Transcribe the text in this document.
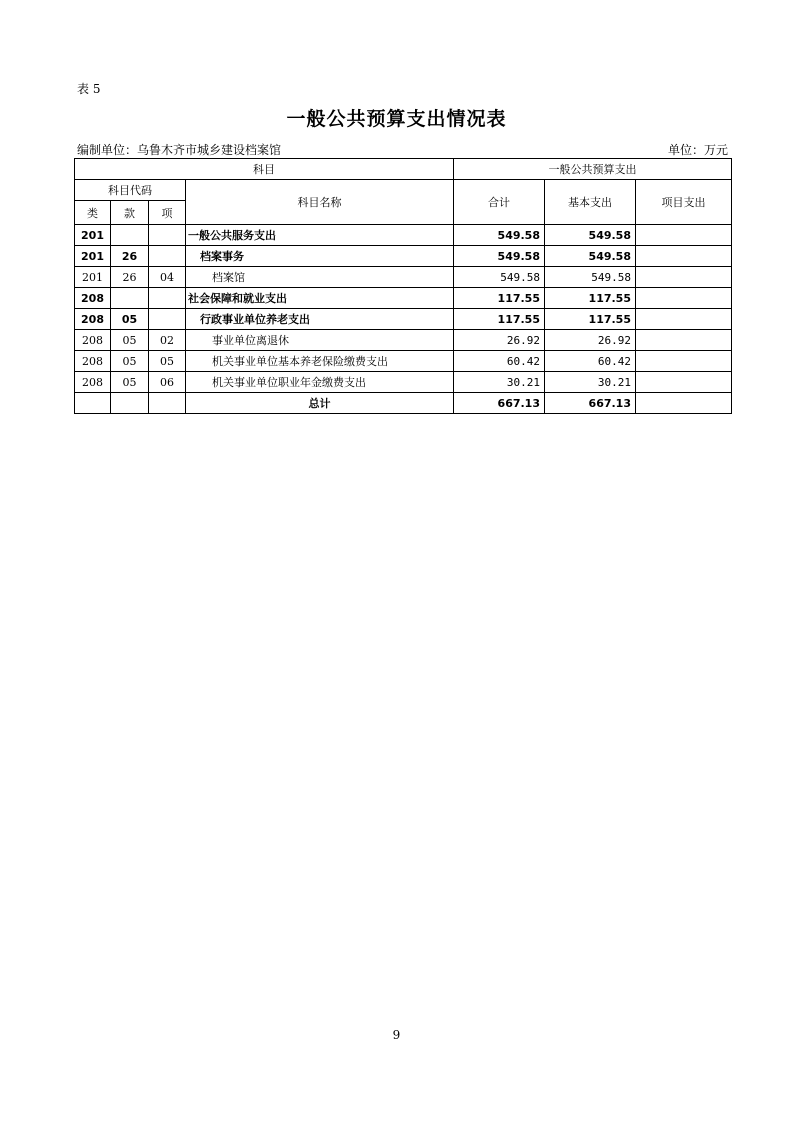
表 5
一般公共预算支出情况表
编制单位：乌鲁木齐市城乡建设档案馆	单位：万元
科目				一般公共预算支出		
科目代码			科目名称	合计	基本支出	项目支出
类	款	项				
201			一般公共服务支出	549.58	549.58	
201	26		档案事务	549.58	549.58	
201	26	04	档案馆	549.58	549.58	
208			社会保障和就业支出	117.55	117.55	
208	05		行政事业单位养老支出	117.55	117.55	
208	05	02	事业单位离退休	26.92	26.92	
208	05	05	机关事业单位基本养老保险缴费支出	60.42	60.42	
208	05	06	机关事业单位职业年金缴费支出	30.21	30.21	
			总计	667.13	667.13	
9
